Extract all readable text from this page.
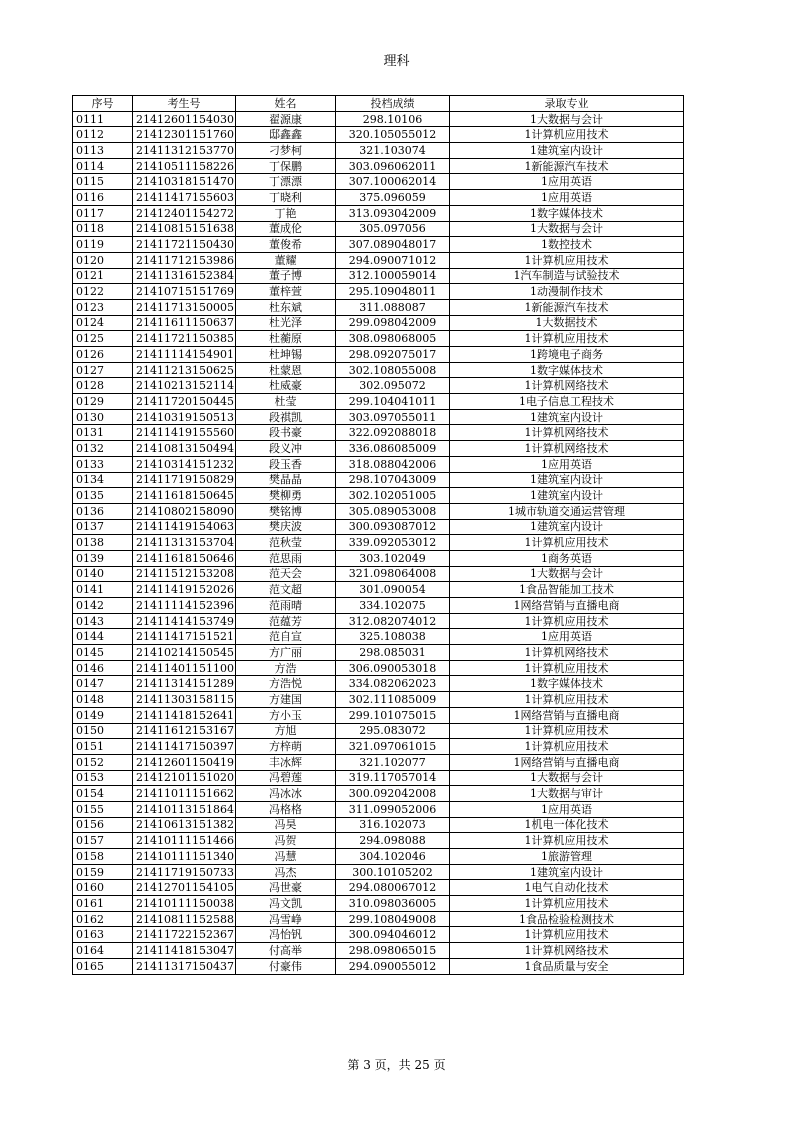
理科
序号	考生号	姓名	投档成绩	录取专业
0111	21412601154030	翟源康	298.10106	1大数据与会计
0112	21412301151760	邸鑫鑫	320.105055012	1计算机应用技术
0113	21411312153770	刁梦柯	321.103074	1建筑室内设计
0114	21410511158226	丁保鹏	303.096062011	1新能源汽车技术
0115	21410318151470	丁漂漂	307.100062014	1应用英语
0116	21411417155603	丁晓利	375.096059	1应用英语
0117	21412401154272	丁艳	313.093042009	1数字媒体技术
0118	21410815151638	董成伦	305.097056	1大数据与会计
0119	21411721150430	董俊希	307.089048017	1数控技术
0120	21411712153986	董耀	294.090071012	1计算机应用技术
0121	21411316152384	董子博	312.100059014	1汽车制造与试验技术
0122	21410715151769	董梓萱	295.109048011	1动漫制作技术
0123	21411713150005	杜东斌	311.088087	1新能源汽车技术
0124	21411611150637	杜光泽	299.098042009	1大数据技术
0125	21411721150385	杜蘅原	308.098068005	1计算机应用技术
0126	21411114154901	杜坤锡	298.092075017	1跨境电子商务
0127	21411213150625	杜蒙恩	302.108055008	1数字媒体技术
0128	21410213152114	杜威豪	302.095072	1计算机网络技术
0129	21411720150445	杜莹	299.104041011	1电子信息工程技术
0130	21410319150513	段祺凯	303.097055011	1建筑室内设计
0131	21411419155560	段书豪	322.092088018	1计算机网络技术
0132	21410813150494	段义冲	336.086085009	1计算机网络技术
0133	21410314151232	段玉香	318.088042006	1应用英语
0134	21411719150829	樊晶晶	298.107043009	1建筑室内设计
0135	21411618150645	樊柳勇	302.102051005	1建筑室内设计
0136	21410802158090	樊铭博	305.089053008	1城市轨道交通运营管理
0137	21411419154063	樊庆波	300.093087012	1建筑室内设计
0138	21411313153704	范秋莹	339.092053012	1计算机应用技术
0139	21411618150646	范思雨	303.102049	1商务英语
0140	21411512153208	范天会	321.098064008	1大数据与会计
0141	21411419152026	范文超	301.090054	1食品智能加工技术
0142	21411114152396	范雨晴	334.102075	1网络营销与直播电商
0143	21411414153749	范蕴芳	312.082074012	1计算机应用技术
0144	21411417151521	范自宣	325.108038	1应用英语
0145	21410214150545	方广丽	298.085031	1计算机网络技术
0146	21411401151100	方浩	306.090053018	1计算机应用技术
0147	21411314151289	方浩悦	334.082062023	1数字媒体技术
0148	21411303158115	方建国	302.111085009	1计算机应用技术
0149	21411418152641	方小玉	299.101075015	1网络营销与直播电商
0150	21411612153167	方旭	295.083072	1计算机应用技术
0151	21411417150397	方梓萌	321.097061015	1计算机应用技术
0152	21412601150419	丰冰辉	321.102077	1网络营销与直播电商
0153	21412101151020	冯碧莲	319.117057014	1大数据与会计
0154	21411011151662	冯冰冰	300.092042008	1大数据与审计
0155	21410113151864	冯格格	311.099052006	1应用英语
0156	21410613151382	冯昊	316.102073	1机电一体化技术
0157	21410111151466	冯贺	294.098088	1计算机应用技术
0158	21410111151340	冯慧	304.102046	1旅游管理
0159	21411719150733	冯杰	300.10105202	1建筑室内设计
0160	21412701154105	冯世豪	294.080067012	1电气自动化技术
0161	21410111150038	冯文凯	310.098036005	1计算机应用技术
0162	21410811152588	冯雪峥	299.108049008	1食品检验检测技术
0163	21411722152367	冯怡钒	300.094046012	1计算机应用技术
0164	21411418153047	付高举	298.098065015	1计算机网络技术
0165	21411317150437	付豪伟	294.090055012	1食品质量与安全
第 3 页，共 25 页
